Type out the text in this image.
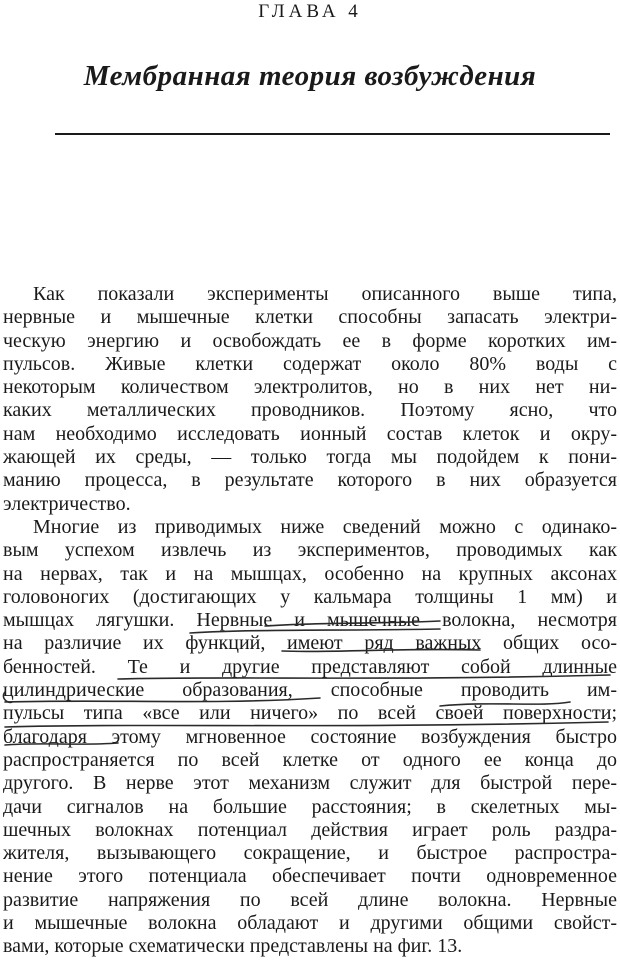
ГЛАВА 4
Мембранная теория возбуждения
Как показали эксперименты описанного выше типа,
нервные и мышечные клетки способны запасать электри-
ческую энергию и освобождать ее в форме коротких им-
пульсов. Живые клетки содержат около 80% воды с
некоторым количеством электролитов, но в них нет ни-
каких металлических проводников. Поэтому ясно, что
нам необходимо исследовать ионный состав клеток и окру-
жающей их среды, — только тогда мы подойдем к пони-
манию процесса, в результате которого в них образуется
электричество.
Многие из приводимых ниже сведений можно с одинако-
вым успехом извлечь из экспериментов, проводимых как
на нервах, так и на мышцах, особенно на крупных аксонах
головоногих (достигающих у кальмара толщины 1 мм) и
мышцах лягушки. Нервные и мышечные волокна, несмотря
на различие их функций, имеют ряд важных общих осо-
бенностей. Те и другие представляют собой длинные
цилиндрические образования, способные проводить им-
пульсы типа «все или ничего» по всей своей поверхности;
благодаря этому мгновенное состояние возбуждения быстро
распространяется по всей клетке от одного ее конца до
другого. В нерве этот механизм служит для быстрой пере-
дачи сигналов на большие расстояния; в скелетных мы-
шечных волокнах потенциал действия играет роль раздра-
жителя, вызывающего сокращение, и быстрое распростра-
нение этого потенциала обеспечивает почти одновременное
развитие напряжения по всей длине волокна. Нервные
и мышечные волокна обладают и другими общими свойст-
вами, которые схематически представлены на фиг. 13.
